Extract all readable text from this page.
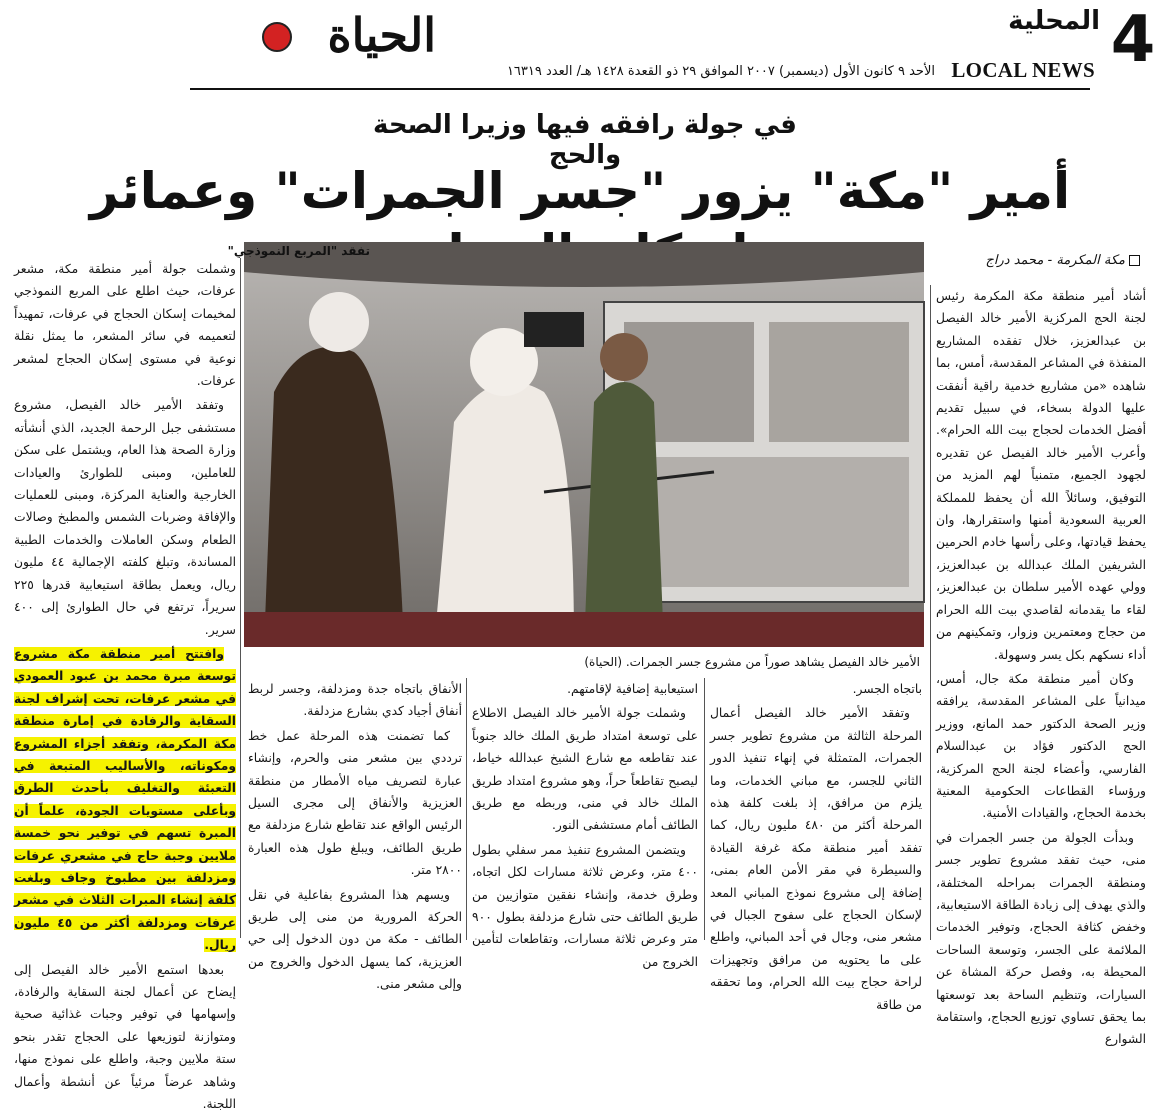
4
المحلية
LOCAL NEWS
الحياة
الأحد ٩ كانون الأول (ديسمبر) ٢٠٠٧ الموافق ٢٩ ذو القعدة ١٤٢٨ هـ/ العدد ١٦٣١٩
في جولة رافقه فيها وزيرا الصحة والحج
أمير "مكة" يزور "جسر الجمرات" وعمائر
مكة المكرمة - محمد دراج

أشاد أمير منطقة مكة المكرمة رئيس لجنة الحج المركزية الأمير خالد الفيصل بن عبدالعزيز، خلال تفقده المشاريع المنفذة في المشاعر المقدسة، أمس، بما شاهده «من مشاريع خدمية راقية أنفقت عليها الدولة بسخاء، في سبيل تقديم أفضل الخدمات لحجاج بيت الله الحرام». وأعرب الأمير خالد الفيصل عن تقديره لجهود الجميع، متمنياً لهم المزيد من التوفيق، وسائلاً الله أن يحفظ للمملكة العربية السعودية أمنها واستقرارها، وان يحفظ قيادتها، وعلى رأسها خادم الحرمين الشريفين الملك عبدالله بن عبدالعزيز، وولي عهده الأمير سلطان بن عبدالعزيز، لقاء ما يقدمانه لقاصدي بيت الله الحرام من حجاج ومعتمرين وزوار، وتمكينهم من أداء نسكهم بكل يسر وسهولة.

وكان أمير منطقة مكة جال، أمس، ميدانياً على المشاعر المقدسة، يرافقه وزير الصحة الدكتور حمد المانع، ووزير الحج الدكتور فؤاد بن عبدالسلام الفارسي، وأعضاء لجنة الحج المركزية، ورؤساء القطاعات الحكومية المعنية بخدمة الحجاج، والقيادات الأمنية.

وبدأت الجولة من جسر الجمرات في منى، حيث تفقد مشروع تطوير جسر ومنطقة الجمرات بمراحله المختلفة، والذي يهدف إلى زيادة الطاقة الاستيعابية، وخفض كثافة الحجاج، وتوفير الخدمات الملائمة على الجسر، وتوسعة الساحات المحيطة به، وفصل حركة المشاة عن السيارات، وتنظيم الساحة بعد توسعتها بما يحقق تساوي توزيع الحجاج، واستقامة الشوارع

الأمير خالد الفيصل يشاهد صوراً من مشروع جسر الجمرات. (الحياة)
تفقد "المربع النموذجي"

وشملت جولة أمير منطقة مكة، مشعر عرفات، حيث اطلع على المربع النموذجي لمخيمات إسكان الحجاج في عرفات، تمهيداً لتعميمه في سائر المشعر، ما يمثل نقلة نوعية في مستوى إسكان الحجاج لمشعر عرفات.

وتفقد الأمير خالد الفيصل، مشروع مستشفى جبل الرحمة الجديد، الذي أنشأته وزارة الصحة هذا العام، ويشتمل على سكن للعاملين، ومبنى للطوارئ والعيادات الخارجية والعناية المركزة، ومبنى للعمليات والإفاقة وضربات الشمس والمطبخ وصالات الطعام وسكن العاملات والخدمات الطبية المساندة، وتبلغ كلفته الإجمالية ٤٤ مليون ريال، ويعمل بطاقة استيعابية قدرها ٢٢٥ سريراً، ترتفع في حال الطوارئ إلى ٤٠٠ سرير.

وافتتح أمير منطقة مكة مشروع توسعة مبرة محمد بن عبود العمودي في مشعر عرفات، تحت إشراف لجنة السقاية والرفادة في إمارة منطقة مكة المكرمة، وتفقد أجزاء المشروع ومكوناته، والأساليب المتبعة في التعبئة والتغليف بأحدث الطرق وبأعلى مستويات الجودة، علماً أن المبرة تسهم في توفير نحو خمسة ملايين وجبة حاج في مشعري عرفات ومزدلفة بين مطبوخ وجاف وبلغت كلفة إنشاء المبرات الثلاث في مشعر عرفات ومزدلفة أكثر من ٤٥ مليون ريال.

بعدها استمع الأمير خالد الفيصل إلى إيضاح عن أعمال لجنة السقاية والرفادة، وإسهامها في توفير وجبات غذائية صحية ومتوازنة لتوزيعها على الحجاج تقدر بنحو ستة ملايين وجبة، واطلع على نموذج منها، وشاهد عرضاً مرئياً عن أنشطة وأعمال اللجنة.

باتجاه الجسر.

وتفقد الأمير خالد الفيصل أعمال المرحلة الثالثة من مشروع تطوير جسر الجمرات، المتمثلة في إنهاء تنفيذ الدور الثاني للجسر، مع مباني الخدمات، وما يلزم من مرافق، إذ بلغت كلفة هذه المرحلة أكثر من ٤٨٠ مليون ريال، كما تفقد أمير منطقة مكة غرفة القيادة والسيطرة في مقر الأمن العام بمنى، إضافة إلى مشروع نموذج المباني المعد لإسكان الحجاج على سفوح الجبال في مشعر منى، وجال في أحد المباني، واطلع على ما يحتويه من مرافق وتجهيزات لراحة حجاج بيت الله الحرام، وما تحققه من طاقة

استيعابية إضافية لإقامتهم.

وشملت جولة الأمير خالد الفيصل الاطلاع على توسعة امتداد طريق الملك خالد جنوباً عند تقاطعه مع شارع الشيخ عبدالله خياط، ليصبح تقاطعاً حراً، وهو مشروع امتداد طريق الملك خالد في منى، وربطه مع طريق الطائف أمام مستشفى النور.

ويتضمن المشروع تنفيذ ممر سفلي بطول ٤٠٠ متر، وعرض ثلاثة مسارات لكل اتجاه، وطرق خدمة، وإنشاء نفقين متوازيين من طريق الطائف حتى شارع مزدلفة بطول ٩٠٠ متر وعرض ثلاثة مسارات، وتقاطعات لتأمين الخروج من

الأنفاق باتجاه جدة ومزدلفة، وجسر لربط أنفاق أجياد كدي بشارع مزدلفة.

كما تضمنت هذه المرحلة عمل خط ترددي بين مشعر منى والحرم، وإنشاء عبارة لتصريف مياه الأمطار من منطقة العزيزية والأنفاق إلى مجرى السيل الرئيس الواقع عند تقاطع شارع مزدلفة مع طريق الطائف، ويبلغ طول هذه العبارة ٢٨٠٠ متر.

ويسهم هذا المشروع بفاعلية في نقل الحركة المرورية من منى إلى طريق الطائف - مكة من دون الدخول إلى حي العزيزية، كما يسهل الدخول والخروج من وإلى مشعر منى.
